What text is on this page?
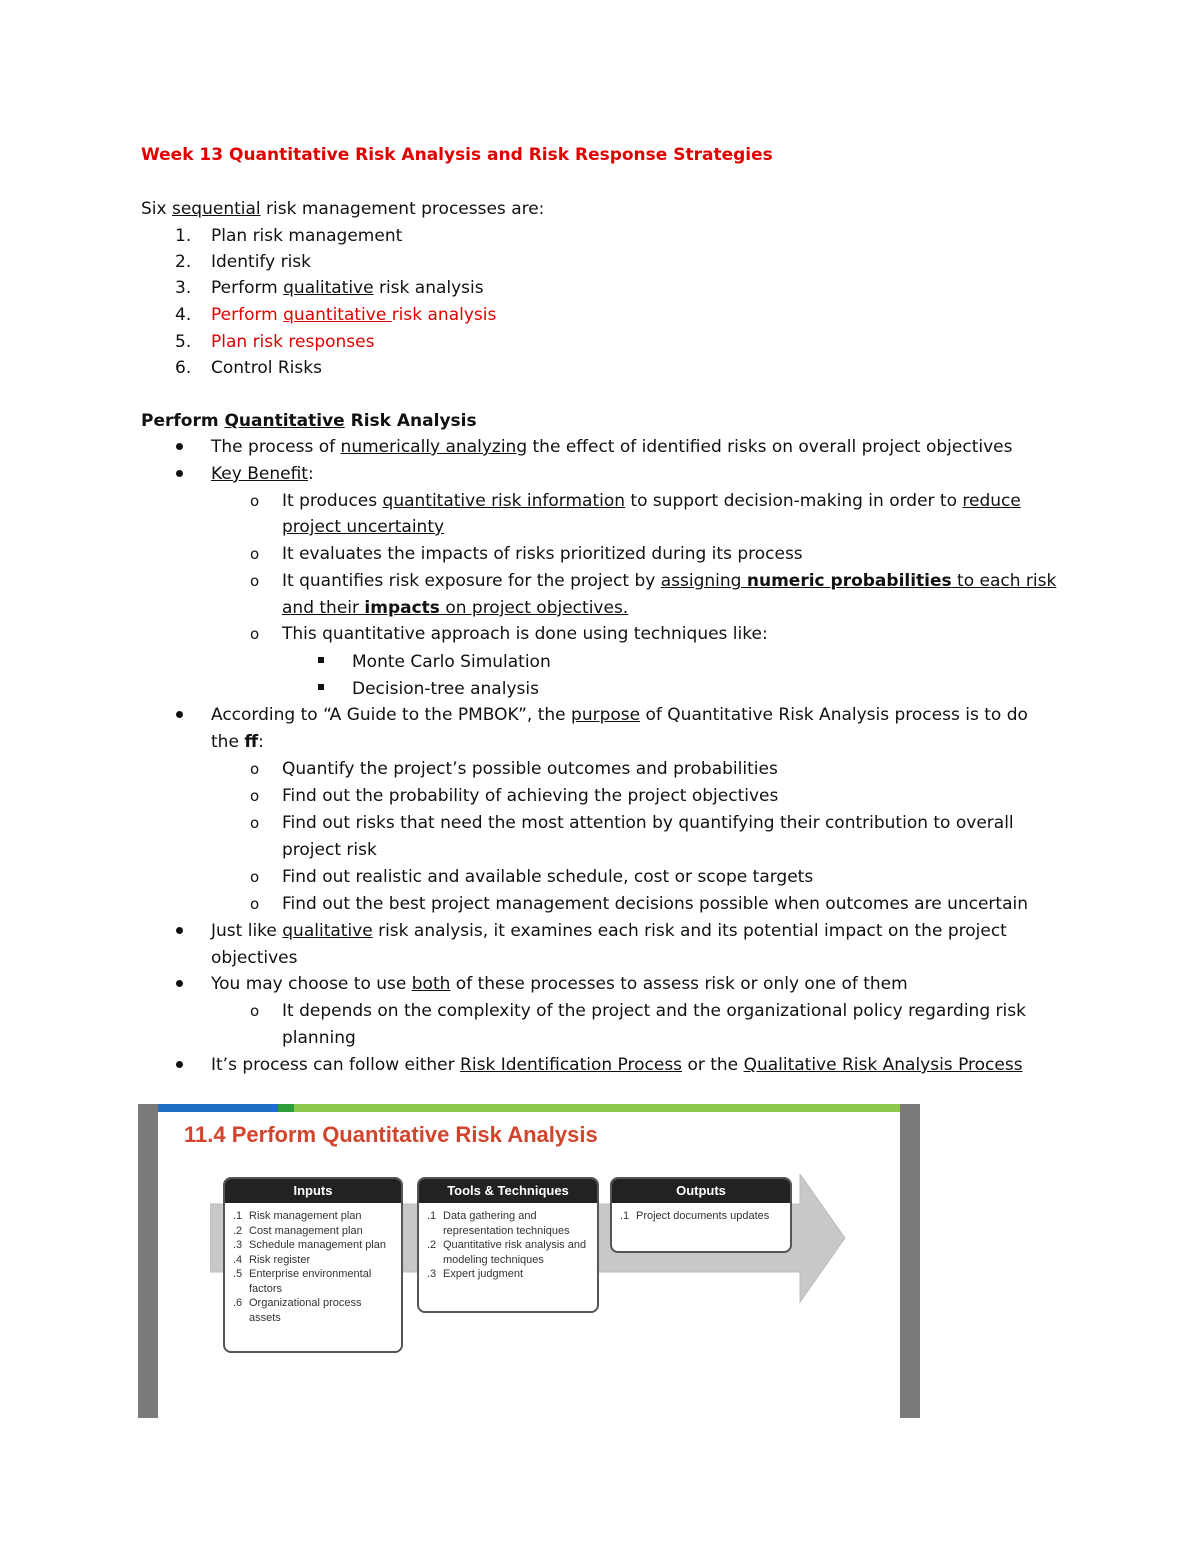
Week 13 Quantitative Risk Analysis and Risk Response Strategies
Six sequential risk management processes are:
1. Plan risk management
2. Identify risk
3. Perform qualitative risk analysis
4. Perform quantitative risk analysis
5. Plan risk responses
6. Control Risks
Perform Quantitative Risk Analysis
The process of numerically analyzing the effect of identified risks on overall project objectives
Key Benefit:
o It produces quantitative risk information to support decision-making in order to reduce
project uncertainty
o It evaluates the impacts of risks prioritized during its process
o It quantifies risk exposure for the project by assigning numeric probabilities to each risk
and their impacts on project objectives.
o This quantitative approach is done using techniques like:
Monte Carlo Simulation
Decision-tree analysis
According to “A Guide to the PMBOK”, the purpose of Quantitative Risk Analysis process is to do
the ff:
o Quantify the project’s possible outcomes and probabilities
o Find out the probability of achieving the project objectives
o Find out risks that need the most attention by quantifying their contribution to overall
project risk
o Find out realistic and available schedule, cost or scope targets
o Find out the best project management decisions possible when outcomes are uncertain
Just like qualitative risk analysis, it examines each risk and its potential impact on the project
objectives
You may choose to use both of these processes to assess risk or only one of them
o It depends on the complexity of the project and the organizational policy regarding risk
planning
It’s process can follow either Risk Identification Process or the Qualitative Risk Analysis Process
11.4 Perform Quantitative Risk Analysis
Inputs
.1 Risk management plan
.2 Cost management plan
.3 Schedule management plan
.4 Risk register
.5 Enterprise environmental factors
.6 Organizational process assets
Tools & Techniques
.1 Data gathering and representation techniques
.2 Quantitative risk analysis and modeling techniques
.3 Expert judgment
Outputs
.1 Project documents updates
